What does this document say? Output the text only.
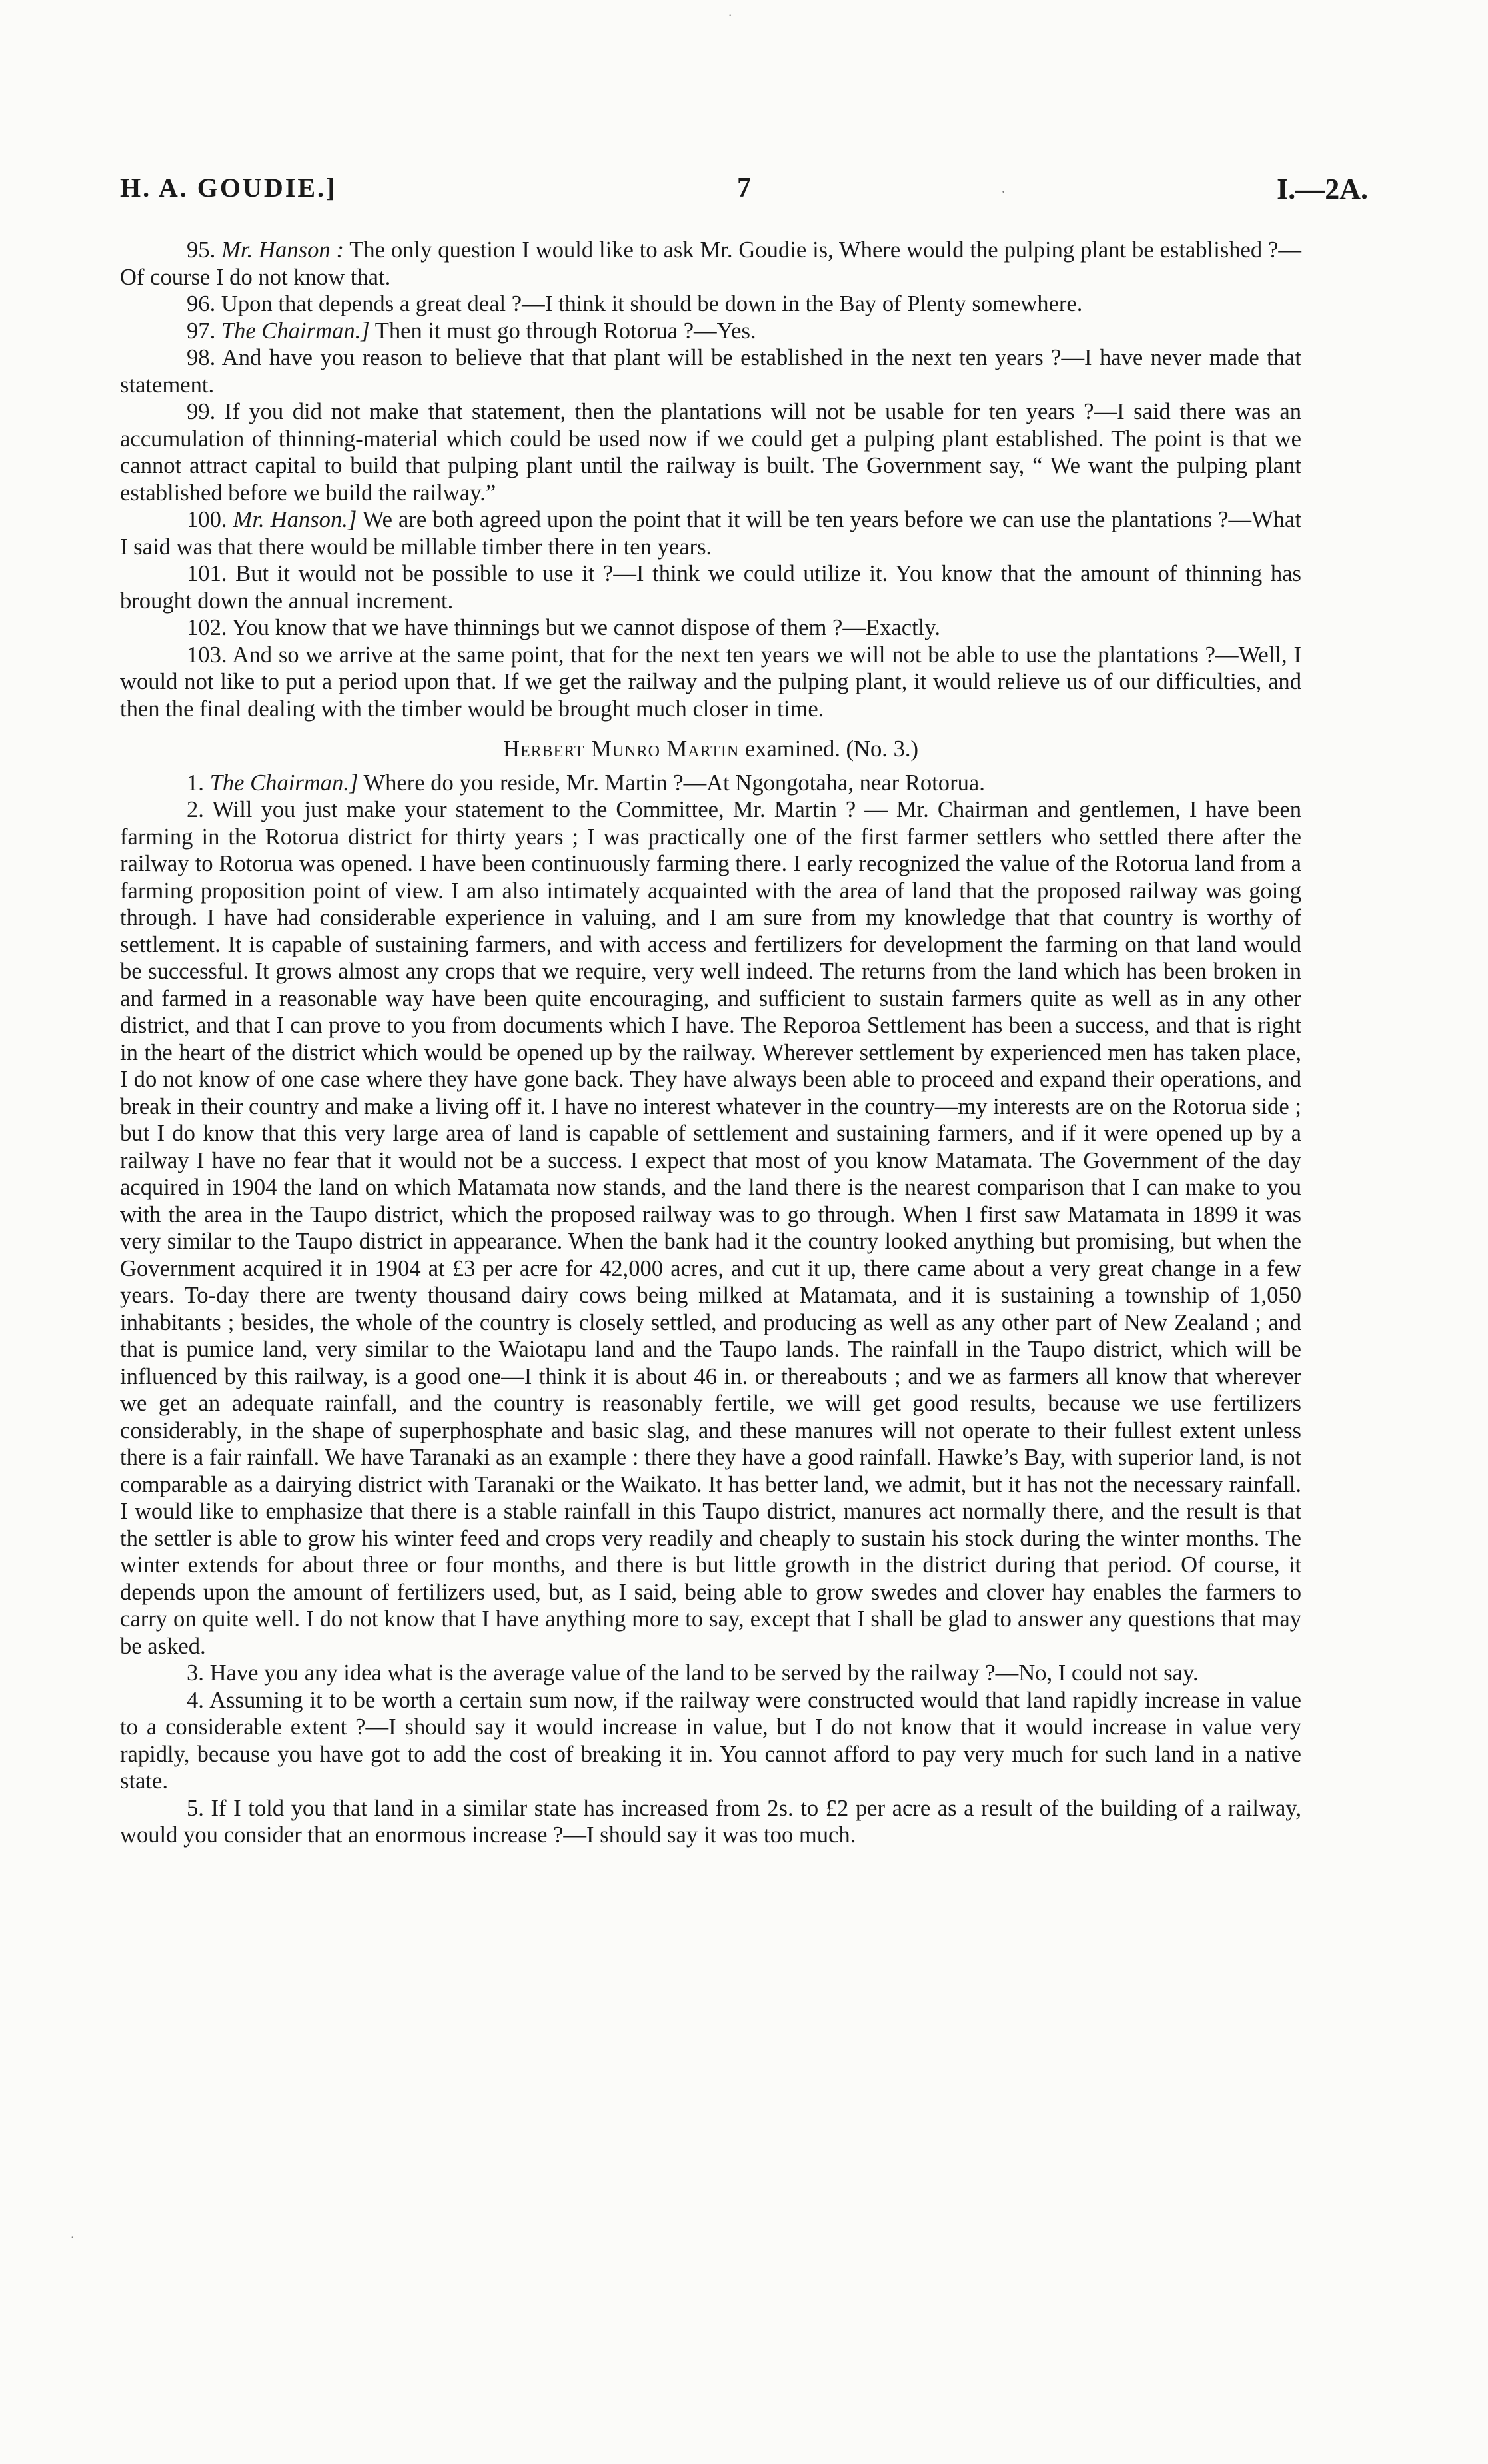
H. A. GOUDIE.]	7	I.—2A.

95. Mr. Hanson : The only question I would like to ask Mr. Goudie is, Where would the pulping plant be established ?—Of course I do not know that.

96. Upon that depends a great deal ?—I think it should be down in the Bay of Plenty somewhere.

97. The Chairman.] Then it must go through Rotorua ?—Yes.

98. And have you reason to believe that that plant will be established in the next ten years ?—I have never made that statement.

99. If you did not make that statement, then the plantations will not be usable for ten years ?—I said there was an accumulation of thinning-material which could be used now if we could get a pulping plant established. The point is that we cannot attract capital to build that pulping plant until the railway is built. The Government say, “ We want the pulping plant established before we build the railway.”

100. Mr. Hanson.] We are both agreed upon the point that it will be ten years before we can use the plantations ?—What I said was that there would be millable timber there in ten years.

101. But it would not be possible to use it ?—I think we could utilize it. You know that the amount of thinning has brought down the annual increment.

102. You know that we have thinnings but we cannot dispose of them ?—Exactly.

103. And so we arrive at the same point, that for the next ten years we will not be able to use the plantations ?—Well, I would not like to put a period upon that. If we get the railway and the pulping plant, it would relieve us of our difficulties, and then the final dealing with the timber would be brought much closer in time.

Herbert Munro Martin examined. (No. 3.)

1. The Chairman.] Where do you reside, Mr. Martin ?—At Ngongotaha, near Rotorua.

2. Will you just make your statement to the Committee, Mr. Martin ? — Mr. Chairman and gentlemen, I have been farming in the Rotorua district for thirty years ; I was practically one of the first farmer settlers who settled there after the railway to Rotorua was opened. I have been continuously farming there. I early recognized the value of the Rotorua land from a farming proposition point of view. I am also intimately acquainted with the area of land that the proposed railway was going through. I have had considerable experience in valuing, and I am sure from my knowledge that that country is worthy of settlement. It is capable of sustaining farmers, and with access and fertilizers for development the farming on that land would be successful. It grows almost any crops that we require, very well indeed. The returns from the land which has been broken in and farmed in a reasonable way have been quite encouraging, and sufficient to sustain farmers quite as well as in any other district, and that I can prove to you from documents which I have. The Reporoa Settlement has been a success, and that is right in the heart of the district which would be opened up by the railway. Wherever settlement by experienced men has taken place, I do not know of one case where they have gone back. They have always been able to proceed and expand their operations, and break in their country and make a living off it. I have no interest whatever in the country—my interests are on the Rotorua side ; but I do know that this very large area of land is capable of settlement and sustaining farmers, and if it were opened up by a railway I have no fear that it would not be a success. I expect that most of you know Matamata. The Government of the day acquired in 1904 the land on which Matamata now stands, and the land there is the nearest comparison that I can make to you with the area in the Taupo district, which the proposed railway was to go through. When I first saw Matamata in 1899 it was very similar to the Taupo district in appearance. When the bank had it the country looked anything but promising, but when the Government acquired it in 1904 at £3 per acre for 42,000 acres, and cut it up, there came about a very great change in a few years. To-day there are twenty thousand dairy cows being milked at Matamata, and it is sustaining a township of 1,050 inhabitants ; besides, the whole of the country is closely settled, and producing as well as any other part of New Zealand ; and that is pumice land, very similar to the Waiotapu land and the Taupo lands. The rainfall in the Taupo district, which will be influenced by this railway, is a good one—I think it is about 46 in. or thereabouts ; and we as farmers all know that wherever we get an adequate rainfall, and the country is reasonably fertile, we will get good results, because we use fertilizers considerably, in the shape of superphosphate and basic slag, and these manures will not operate to their fullest extent unless there is a fair rainfall. We have Taranaki as an example : there they have a good rainfall. Hawke’s Bay, with superior land, is not comparable as a dairying district with Taranaki or the Waikato. It has better land, we admit, but it has not the necessary rainfall. I would like to emphasize that there is a stable rainfall in this Taupo district, manures act normally there, and the result is that the settler is able to grow his winter feed and crops very readily and cheaply to sustain his stock during the winter months. The winter extends for about three or four months, and there is but little growth in the district during that period. Of course, it depends upon the amount of fertilizers used, but, as I said, being able to grow swedes and clover hay enables the farmers to carry on quite well. I do not know that I have anything more to say, except that I shall be glad to answer any questions that may be asked.

3. Have you any idea what is the average value of the land to be served by the railway ?—No, I could not say.

4. Assuming it to be worth a certain sum now, if the railway were constructed would that land rapidly increase in value to a considerable extent ?—I should say it would increase in value, but I do not know that it would increase in value very rapidly, because you have got to add the cost of breaking it in. You cannot afford to pay very much for such land in a native state.

5. If I told you that land in a similar state has increased from 2s. to £2 per acre as a result of the building of a railway, would you consider that an enormous increase ?—I should say it was too much.

·
·
·
